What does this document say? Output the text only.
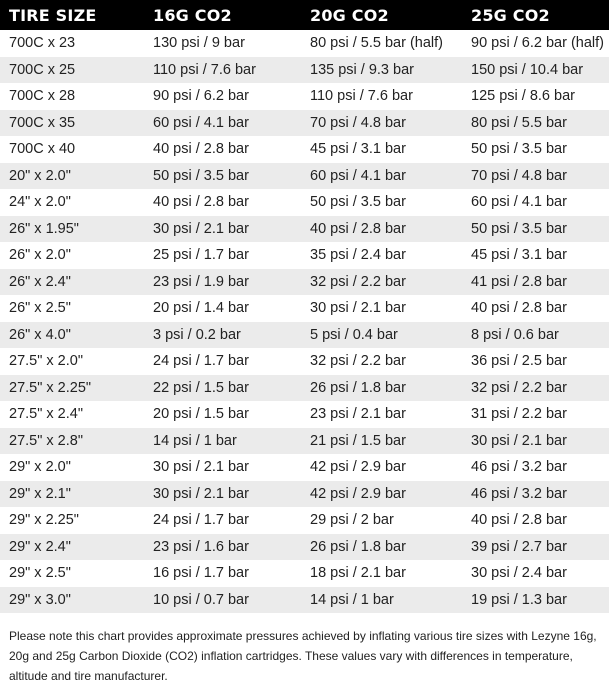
TIRE SIZE	16G CO2	20G CO2	25G CO2
700C x 23	130 psi / 9 bar	80 psi / 5.5 bar (half)	90 psi / 6.2 bar (half)
700C x 25	110 psi / 7.6 bar	135 psi / 9.3 bar	150 psi / 10.4 bar
700C x 28	90 psi / 6.2 bar	110 psi / 7.6 bar	125 psi / 8.6 bar
700C x 35	60 psi / 4.1 bar	70 psi / 4.8 bar	80 psi / 5.5 bar
700C x 40	40 psi / 2.8 bar	45 psi / 3.1 bar	50 psi / 3.5 bar
20" x 2.0"	50 psi / 3.5 bar	60 psi / 4.1 bar	70 psi / 4.8 bar
24" x 2.0"	40 psi / 2.8 bar	50 psi / 3.5 bar	60 psi / 4.1 bar
26" x 1.95"	30 psi / 2.1 bar	40 psi / 2.8 bar	50 psi / 3.5 bar
26" x 2.0"	25 psi / 1.7 bar	35 psi / 2.4 bar	45 psi / 3.1 bar
26" x 2.4"	23 psi / 1.9 bar	32 psi / 2.2 bar	41 psi / 2.8 bar
26" x 2.5"	20 psi / 1.4 bar	30 psi / 2.1 bar	40 psi / 2.8 bar
26" x 4.0"	3 psi / 0.2 bar	5 psi / 0.4 bar	8 psi / 0.6 bar
27.5" x 2.0"	24 psi / 1.7 bar	32 psi / 2.2 bar	36 psi / 2.5 bar
27.5" x 2.25"	22 psi / 1.5 bar	26 psi / 1.8 bar	32 psi / 2.2 bar
27.5" x 2.4"	20 psi / 1.5 bar	23 psi / 2.1 bar	31 psi / 2.2 bar
27.5" x 2.8"	14 psi / 1 bar	21 psi / 1.5 bar	30 psi / 2.1 bar
29" x 2.0"	30 psi / 2.1 bar	42 psi / 2.9 bar	46 psi / 3.2 bar
29" x 2.1"	30 psi / 2.1 bar	42 psi / 2.9 bar	46 psi / 3.2 bar
29" x 2.25"	24 psi / 1.7 bar	29 psi / 2 bar	40 psi / 2.8 bar
29" x 2.4"	23 psi / 1.6 bar	26 psi / 1.8 bar	39 psi / 2.7 bar
29" x 2.5"	16 psi / 1.7 bar	18 psi / 2.1 bar	30 psi / 2.4 bar
29" x 3.0"	10 psi / 0.7 bar	14 psi / 1 bar	19 psi / 1.3 bar
Please note this chart provides approximate pressures achieved by inflating various tire sizes with Lezyne 16g, 20g and 25g Carbon Dioxide (CO2) inflation cartridges. These values vary with differences in temperature, altitude and tire manufacturer.
